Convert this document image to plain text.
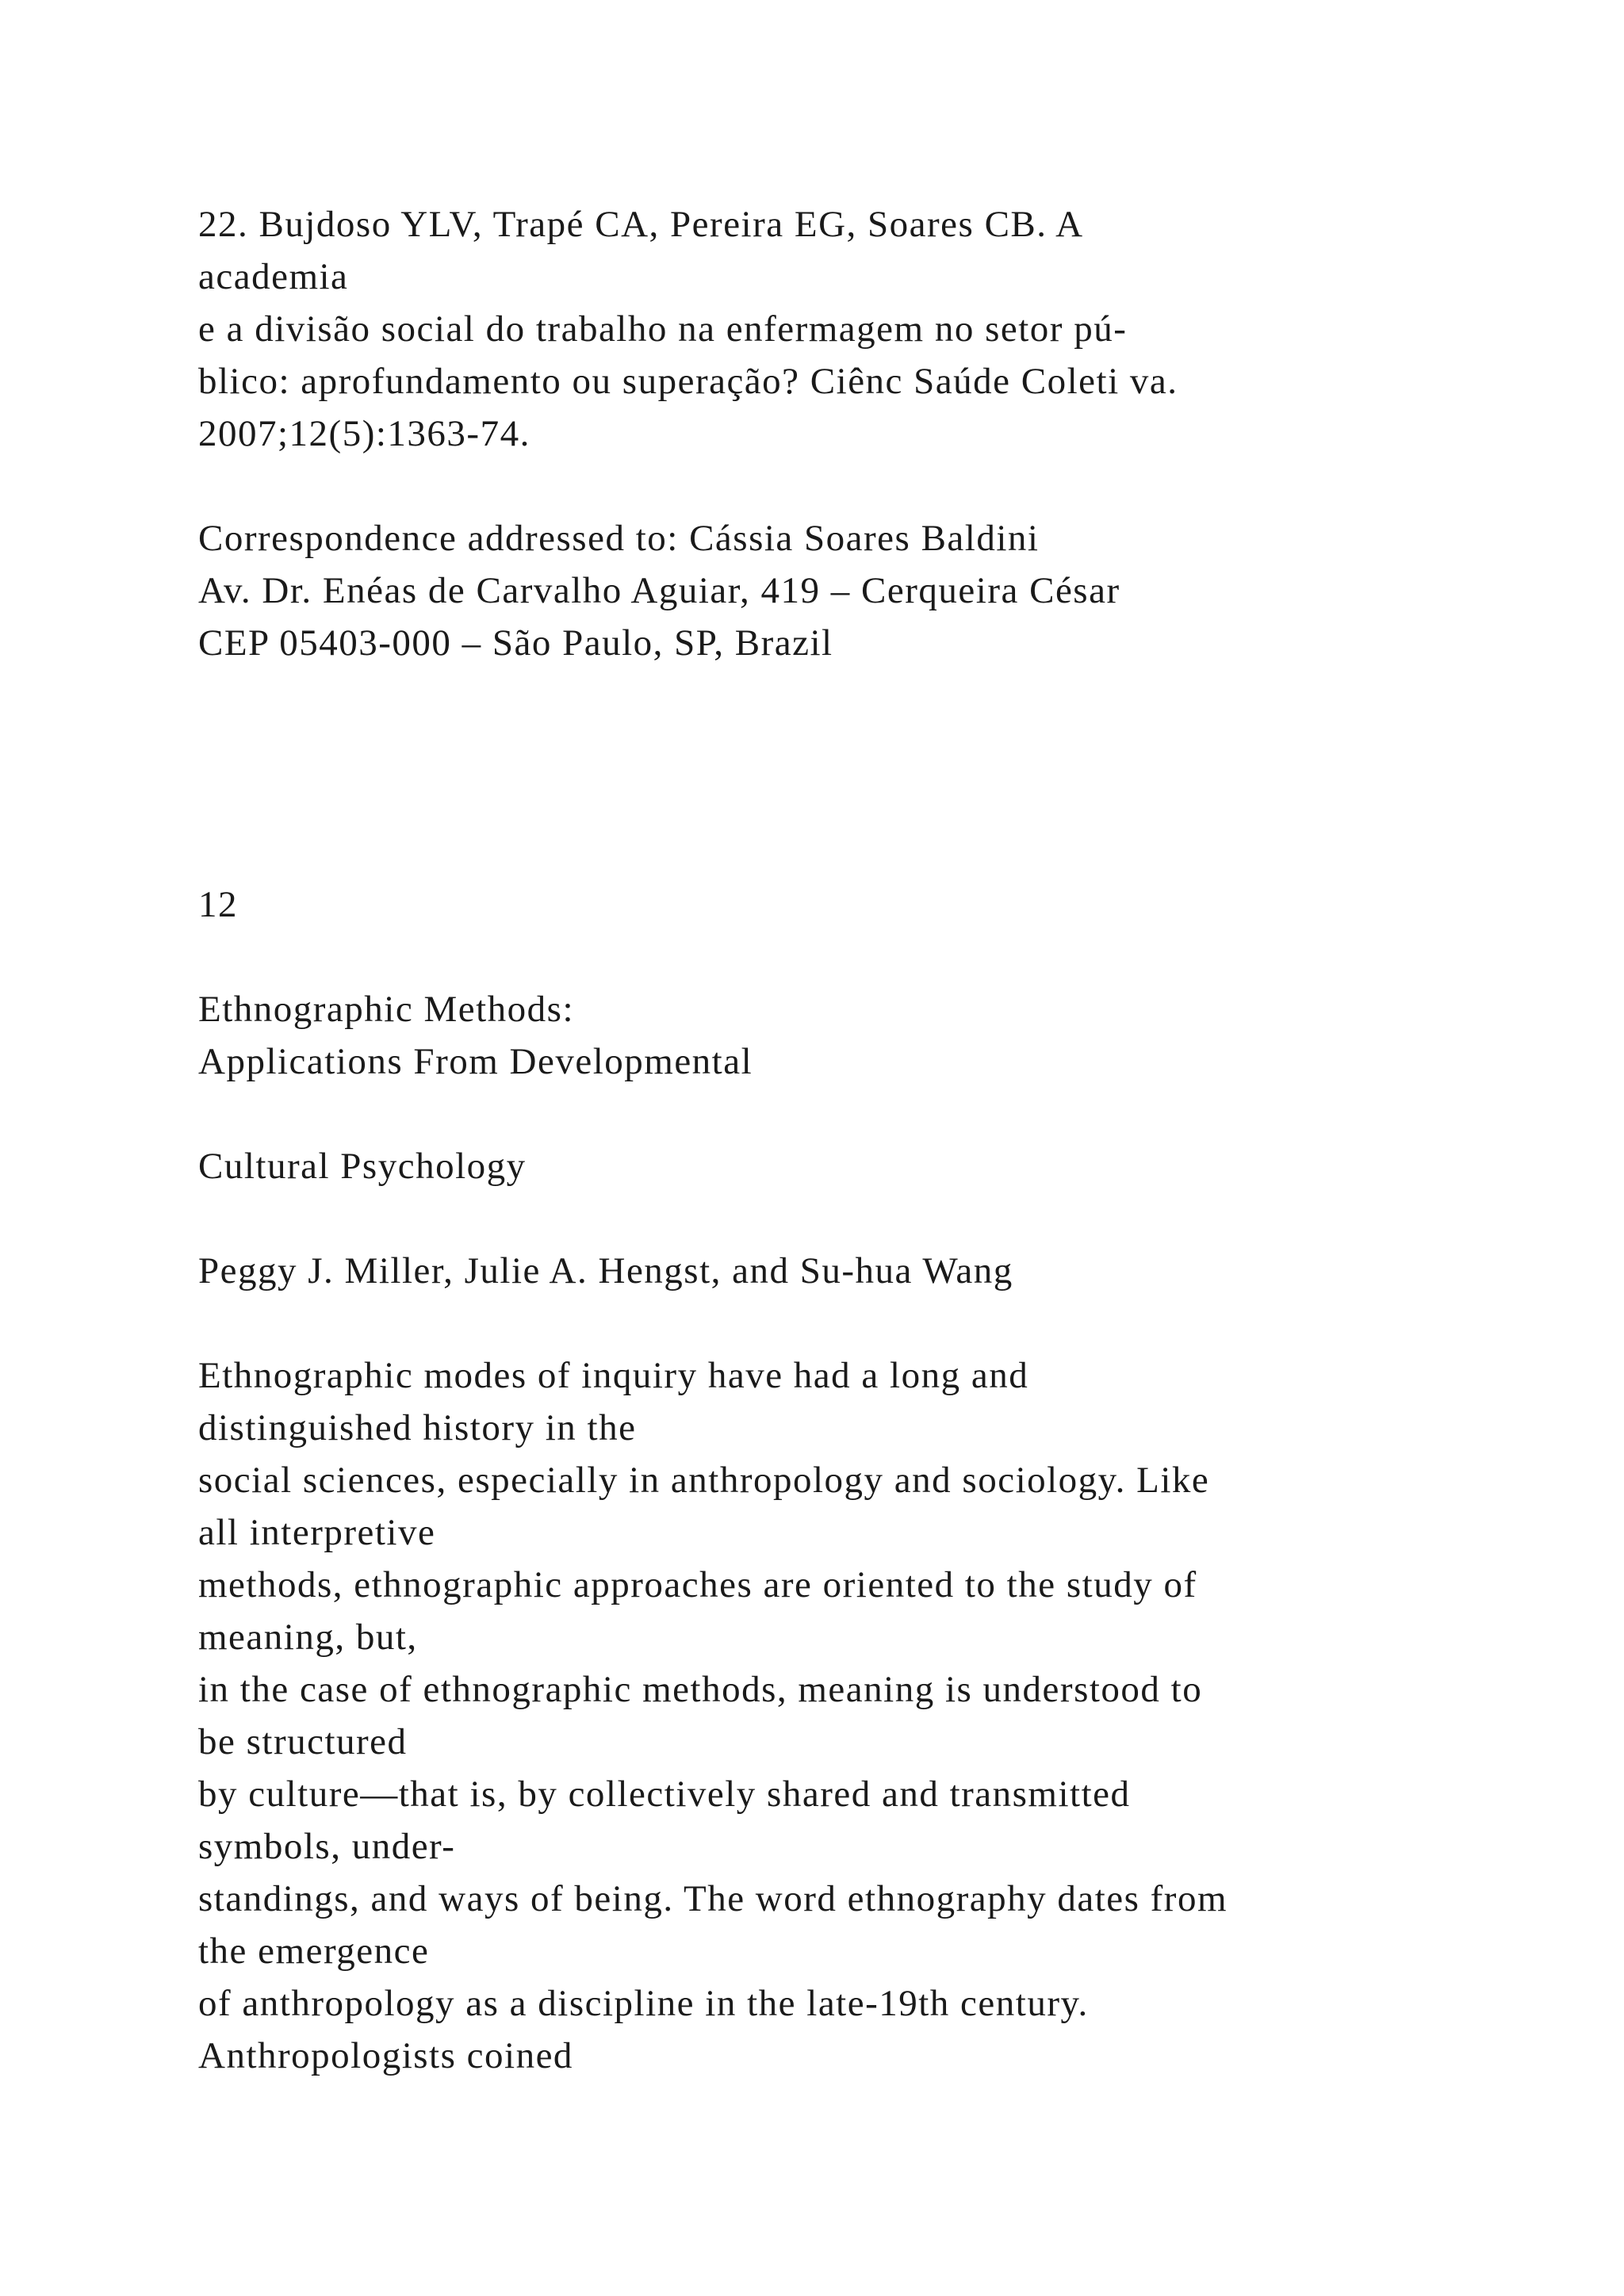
22. Bujdoso YLV, Trapé CA, Pereira EG, Soares CB. A
academia
e a divisão social do trabalho na enfermagem no setor pú-
blico: aprofundamento ou superação? Ciênc Saúde Coleti va.
2007;12(5):1363-74.
Correspondence addressed to: Cássia Soares Baldini
Av. Dr. Enéas de Carvalho Aguiar, 419 – Cerqueira César
CEP 05403-000 – São Paulo, SP, Brazil
12
Ethnographic Methods:
Applications From Developmental
Cultural Psychology
Peggy J. Miller, Julie A. Hengst, and Su-hua Wang
Ethnographic modes of inquiry have had a long and
distinguished history in the
social sciences, especially in anthropology and sociology. Like
all interpretive
methods, ethnographic approaches are oriented to the study of
meaning, but,
in the case of ethnographic methods, meaning is understood to
be structured
by culture—that is, by collectively shared and transmitted
symbols, under-
standings, and ways of being. The word ethnography dates from
the emergence
of anthropology as a discipline in the late-19th century.
Anthropologists coined
